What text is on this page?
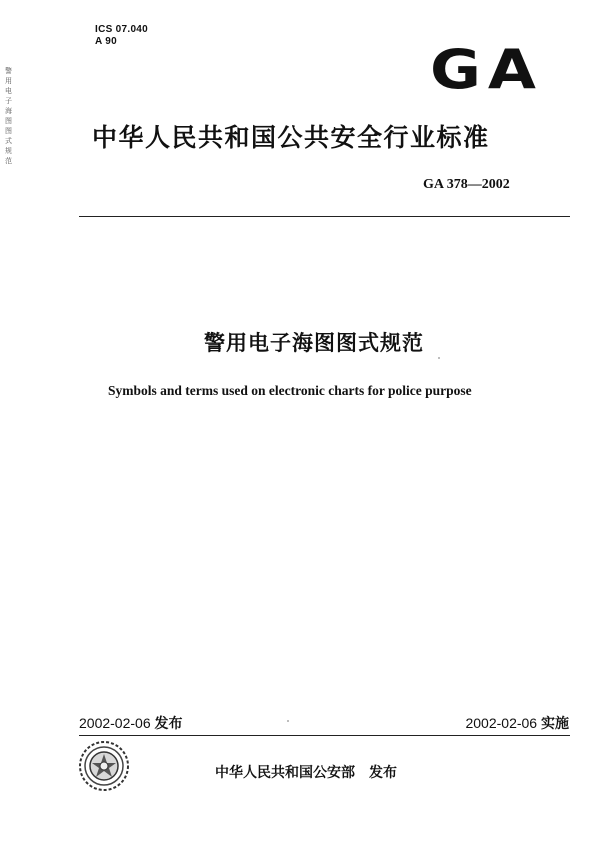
ICS 07.040
A 90
警用电子海图图式规范
GA
中华人民共和国公共安全行业标准
GA 378—2002
警用电子海图图式规范
Symbols and terms used on electronic charts for police purpose
2002-02-06 发布	2002-02-06 实施
中华人民共和国公安部 发布
